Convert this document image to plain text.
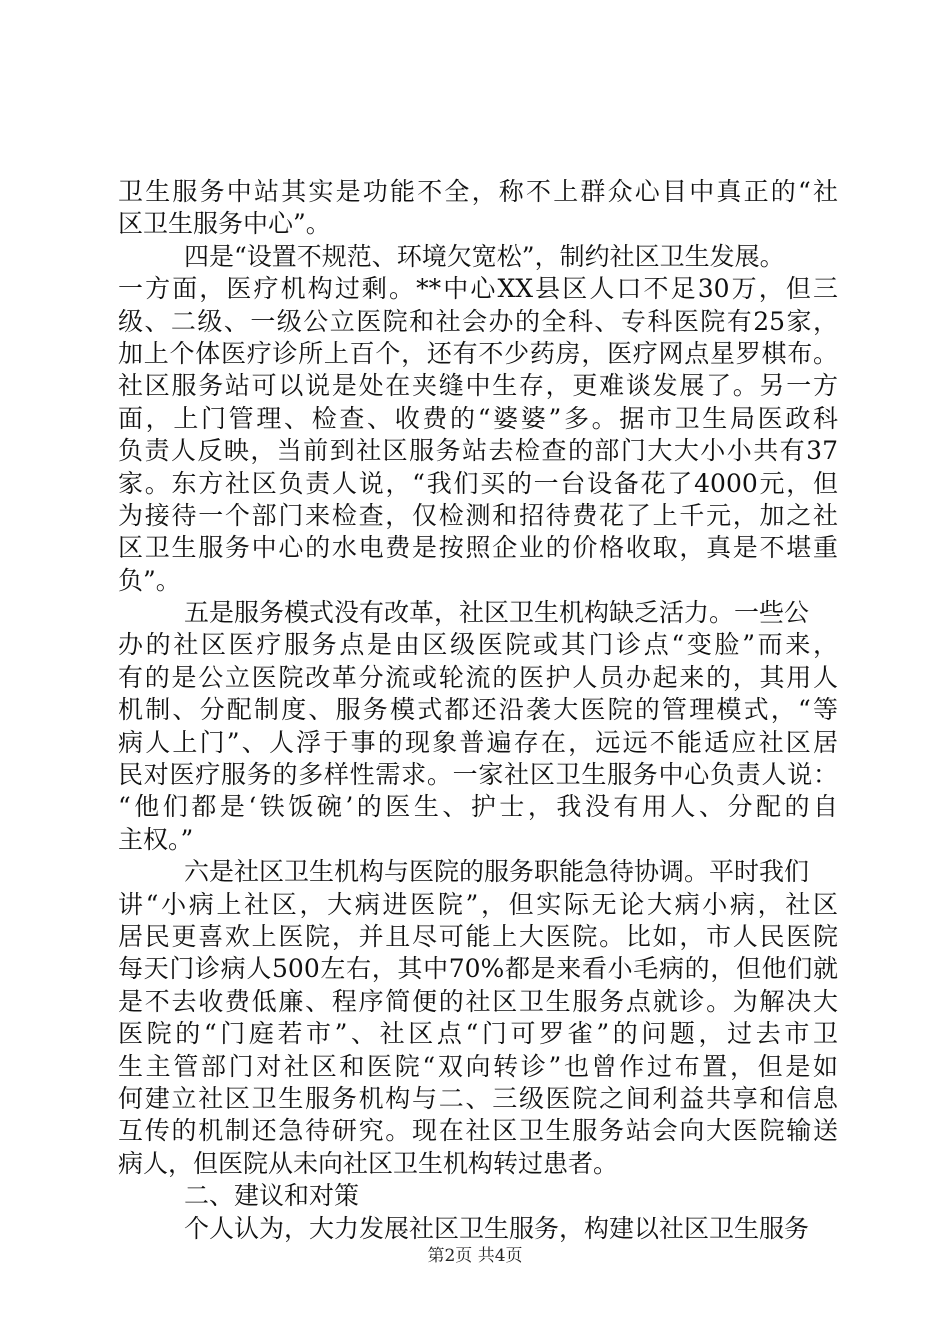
卫生服务中站其实是功能不全，称不上群众心目中真正的“社
区卫生服务中心”。
四是“设置不规范、环境欠宽松”，制约社区卫生发展。
一方面，医疗机构过剩。**中心XX县区人口不足30万，但三
级、二级、一级公立医院和社会办的全科、专科医院有25家，
加上个体医疗诊所上百个，还有不少药房，医疗网点星罗棋布。
社区服务站可以说是处在夹缝中生存，更难谈发展了。另一方
面，上门管理、检查、收费的“婆婆”多。据市卫生局医政科
负责人反映，当前到社区服务站去检查的部门大大小小共有37
家。东方社区负责人说，“我们买的一台设备花了4000元，但
为接待一个部门来检查，仅检测和招待费花了上千元，加之社
区卫生服务中心的水电费是按照企业的价格收取，真是不堪重
负”。
五是服务模式没有改革，社区卫生机构缺乏活力。一些公
办的社区医疗服务点是由区级医院或其门诊点“变脸”而来，
有的是公立医院改革分流或轮流的医护人员办起来的，其用人
机制、分配制度、服务模式都还沿袭大医院的管理模式，“等
病人上门”、人浮于事的现象普遍存在，远远不能适应社区居
民对医疗服务的多样性需求。一家社区卫生服务中心负责人说：
“他们都是‘铁饭碗’的医生、护士，我没有用人、分配的自
主权。”
六是社区卫生机构与医院的服务职能急待协调。平时我们
讲“小病上社区，大病进医院”，但实际无论大病小病，社区
居民更喜欢上医院，并且尽可能上大医院。比如，市人民医院
每天门诊病人500左右，其中70%都是来看小毛病的，但他们就
是不去收费低廉、程序简便的社区卫生服务点就诊。为解决大
医院的“门庭若市”、社区点“门可罗雀”的问题，过去市卫
生主管部门对社区和医院“双向转诊”也曾作过布置，但是如
何建立社区卫生服务机构与二、三级医院之间利益共享和信息
互传的机制还急待研究。现在社区卫生服务站会向大医院输送
病人，但医院从未向社区卫生机构转过患者。
二、建议和对策
个人认为，大力发展社区卫生服务，构建以社区卫生服务
第2页 共4页
